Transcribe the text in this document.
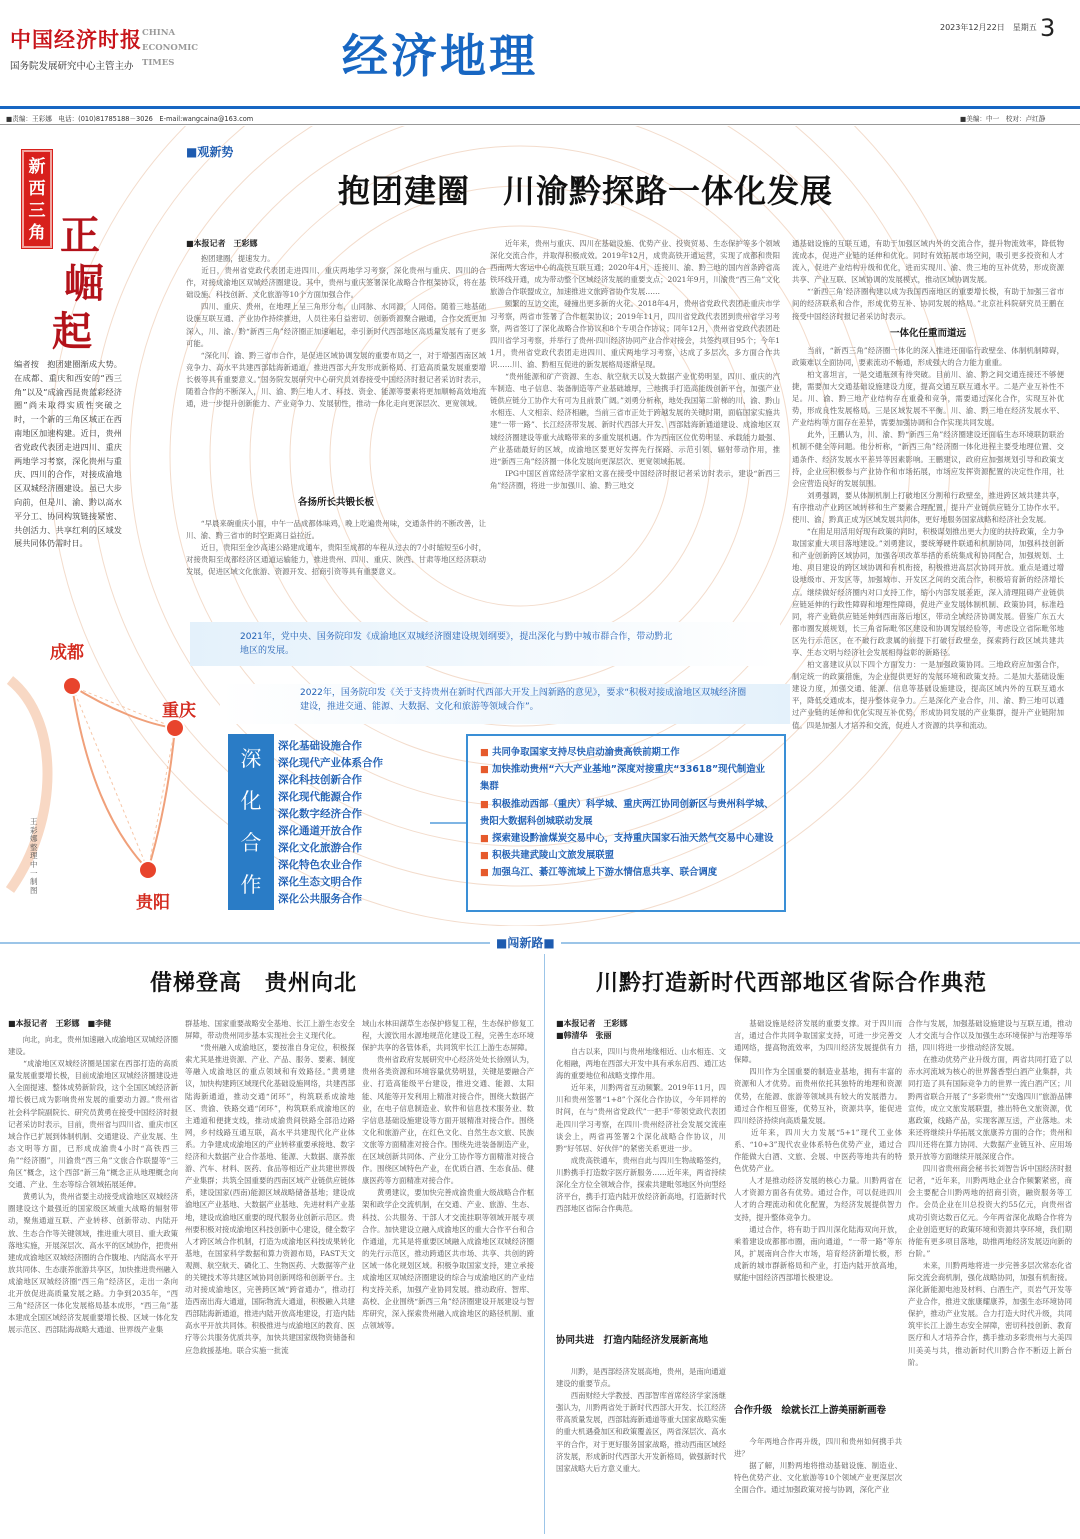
中国经济时报
国务院发展研究中心主管主办
CHINA
ECONOMIC
TIMES	经济地理
2023年12月22日　星期五 3
■责编：王彩娜　电话：(010)81785188－3026　E-mail:wangcaina@163.com	■美编：中一　校对：卢红静
新
西
三
角 正
崛
起
编者按　抱团建圈渐成大势。在成都、重庆和西安的“西三角”以及“成渝西昆贵蓝彩经济圈”尚未取得实质性突破之时，一个新的三角区域正在西南地区加速构建。近日，贵州省党政代表团走进四川、重庆两地学习考察，深化贵州与重庆、四川的合作，对接成渝地区双城经济圈建设。虽已大步向前，但是川、渝、黔以高水平分工、协同构筑链接紧密、共创活力、共享红利的区域发展共同体仍需时日。
■观新势
抱团建圈　川渝黔探路一体化发展
■本报记者　王彩娜
　　抱团建圈，提速发力。
　　近日，贵州省党政代表团走进四川、重庆两地学习考察，深化贵州与重庆、四川的合作，对接成渝地区双城经济圈建设。其中，贵州与重庆签署深化战略合作框架协议，将在基础设施、科技创新、文化旅游等10个方面加强合作。
　　四川、重庆、贵州，在地理上呈三角形分布，山同脉、水同源，人同俗。随着三地基础设施互联互通、产业协作持续推进，人员往来日益密切、创新资源聚合融通，合作交流更加深入，川、渝、黔“新西三角”经济圈正加速崛起，牵引新时代西部地区高质量发展有了更多可能。
　　“深化川、渝、黔三省市合作，是促进区域协调发展的重要布局之一，对于增强西南区域竞争力、高水平共建西部陆海新通道、推进西部大开发形成新格局、打造高质量发展重要增长极等具有重要意义。”国务院发展研究中心研究员刘春接受中国经济时报记者采访时表示，随着合作的不断深入，川、渝、黔三地人才、科技、资金、能源等要素将更加顺畅高效地流通，进一步提升创新能力、产业竞争力、发展韧性，推动一体化走向更深层次、更宽领域。
各扬所长共锻长板
　　“早晨来碗重庆小面，中午一品成都体味鸡，晚上吃遍贵州味，交通条件的不断改善，让川、渝、黔三省市的时空距离日益拉近。
　　近日，贵阳至金沙高速公路建成通车，贵阳至成都的车程从过去的7小时缩短至6小时，对接贵阳至成都经济区通道运输能力，推进贵州、四川、重庆、陕西、甘肃等地区经济联动发展，促进区域文化旅游、资源开发、招商引资等具有重要意义。
　　近年来，贵州与重庆、四川在基础设施、优势产业、投资贸易、生态保护等多个领域深化交流合作，并取得积极成效。2019年12月，成贵高铁开通运营，实现了成都和贵阳西南两大客运中心的高铁互联互通；2020年4月，连接川、渝、黔三地的国内首条跨省高铁环线开通，成为带动整个区域经济发展的重要支点；2021年9月，川渝贵“西三角”文化旅游合作联盟成立，加速推进文旅跨省协作发展……
　　频繁的互访交流，碰撞出更多新的火花。2018年4月，贵州省党政代表团赴重庆市学习考察，两省市签署了合作框架协议；2019年11月，四川省党政代表团到贵州省学习考察，两省签订了深化战略合作协议和8个专项合作协议；同年12月，贵州省党政代表团赴四川省学习考察，并举行了贵州·四川经济协同产业合作对接会，共签约项目95个；今年11月，贵州省党政代表团走进四川、重庆两地学习考察，达成了多层次、多方面合作共识……川、渝、黔相互促进的新发展格局逐渐呈现。
　　“贵州能源和矿产资源、生态、航空航天以及大数据产业优势明显，四川、重庆的汽车制造、电子信息、装备制造等产业基础雄厚，三地携手打造高能级创新平台，加强产业链供应链分工协作大有可为且前景广阔。”刘勇分析称，地处我国第二阶梯的川、渝、黔山水相连、人文相亲、经济相融，当前三省市正处于跨越发展的关键时期，面临国家实施共建“一带一路”、长江经济带发展、新时代西部大开发、西部陆海新通道建设、成渝地区双城经济圈建设等重大战略带来的多重发展机遇。作为西南区位优势明显、承载能力最强、产业基础最好的区域，成渝地区要更好发挥先行探路、示范引领、辐射带动作用，推进“新西三角”经济圈一体化发展向更深层次、更宽领域拓展。
　　IPG中国区首席经济学家柏文喜在接受中国经济时报记者采访时表示，建设“新西三角”经济圈，将进一步加强川、渝、黔三地交
通基础设施的互联互通，有助于加强区域内外的交流合作，提升物流效率，降低物流成本，促进产业链的延伸和优化。同时有效拓展市场空间，吸引更多投资和人才流入，促进产业结构升级和优化，进而实现川、渝、贵三地的互补优势，形成资源共享、产业互联、区域协调的发展模式，推动区域协调发展。
　　“‘新西三角’经济圈构建以成为我国西南地区的重要增长极，有助于加强三省市间的经济联系和合作，形成优势互补、协同发展的格局。”北京社科院研究员王鹏在接受中国经济时报记者采访时表示。

一体化任重而道远
　　当前，“新西三角”经济圈一体化的深入推进还面临行政壁垒、体制机制障碍，政策难以全面协同，要素流动不畅通，形成强大的合力能力重重。
　　柏文喜坦言，一是交通瓶颈有待突破。目前川、渝、黔之间交通连接还不够便捷，需要加大交通基础设施建设力度，提高交通互联互通水平。二是产业互补性不足。川、渝、黔三地产业结构存在重叠和竞争，需要通过深化合作，实现互补优势，形成良性发展格局。三是区域发展不平衡。川、渝、黔三地在经济发展水平、产业结构等方面存在差异，需要加强协调和合作实现共同发展。
　　此外，王鹏认为，川、渝、黔“新西三角”经济圈建设还面临生态环境联防联治机制不健全等问题。他分析称，“新西三角”经济圈一体化进程主要受地理位置、交通条件、经济发展水平差异等因素影响。王鹏建议，政府应加强规划引导和政策支持，企业应积极参与产业协作和市场拓展，市场应发挥资源配置的决定性作用，社会应营造良好的发展氛围。
　　刘勇强调，要从体制机制上打破地区分割和行政壁垒，推进跨区域共建共享，有序推动产业跨区域转移和生产要素合理配置，提升产业链供应链分工协作水平。使川、渝、黔真正成为区域发展共同体，更好地服务国家战略和经济社会发展。
　　“在用足用活用好现有政策的同时，积极谋划推出更大力度的扶持政策，全力争取国家重大项目落地建设。”刘勇建议，要统筹硬件联通和机制协同，加强科技创新和产业创新跨区域协同，加强各项改革举措的系统集成和协同配合，加强规划、土地、项目建设的跨区域协调和有机衔接，积极推进高层次协同开放。重点是通过增设地级市、开发区等，加强城市、开发区之间的交流合作，积极培育新的经济增长点。继续做好经济圈内对口支持工作，缩小内部发展差距，深入清理阻碍产业链供应链延伸的行政性障碍和地理性障碍，促进产业发展体制机制、政策协同，标准趋同，将产业链供应链延伸到西南落后地区，带动全域经济协调发展。借鉴广东五大都市圈发展规划，长三角省际毗邻区建设和协调发展经验等，考虑设立省际毗邻地区先行示范区，在不破行政隶属的前提下打破行政壁垒，探索跨行政区域共建共享、生态文明与经济社会发展相得益彰的新路径。
　　柏文喜建议从以下四个方面发力：一是加强政策协同。三地政府应加强合作，制定统一的政策措施，为企业提供更好的发展环境和政策支持。二是加大基础设施建设力度，加强交通、能源、信息等基础设施建设，提高区域内外的互联互通水平，降低交通成本，提升整体竞争力。三是深化产业合作，川、渝、黔三地可以通过产业链的延伸和优化实现互补优势，形成协同发展的产业集群，提升产业链附加值。四是加强人才培养和交流，促进人才资源的共享和流动。
成都
重庆
贵阳
王彩娜整理　中一制图
2021年，党中央、国务院印发《成渝地区双城经济圈建设规划纲要》，提出深化与黔中城市群合作，带动黔北地区的发展。
2022年，国务院印发《关于支持贵州在新时代西部大开发上闯新路的意见》，要求“积极对接成渝地区双城经济圈建设，推进交通、能源、大数据、文化和旅游等领域合作”。
深
化
合
作
深化基础设施合作
深化现代产业体系合作
深化科技创新合作
深化现代能源合作
深化数字经济合作
深化通道开放合作
深化文化旅游合作
深化特色农业合作
深化生态文明合作
深化公共服务合作
■ 共同争取国家支持尽快启动渝贵高铁前期工作
■ 加快推动贵州“六大产业基地”深度对接重庆“33618”现代制造业集群
■ 积极推动西部（重庆）科学城、重庆两江协同创新区与贵州科学城、贵阳大数据科创城联动发展
■ 探索建设黔渝煤炭交易中心，支持重庆国家石油天然气交易中心建设
■ 积极共建武陵山文旅发展联盟
■ 加强乌江、綦江等流域上下游水情信息共享、联合调度
■闯新路■
借梯登高　贵州向北
■本报记者　王彩娜　■李健
　　向北，向北，贵州加速融入成渝地区双城经济圈建设。
　　“成渝地区双城经济圈是国家在西部打造的高质量发展重要增长极，目前成渝地区双城经济圈建设进入全面提速、整体成势新阶段，这个全国区域经济新增长极已成为影响贵州发展的重要动力源。”贵州省社会科学院副院长、研究员黄勇在接受中国经济时报记者采访时表示，目前，贵州省与四川省、重庆市区域合作已扩展到体制机制、交通建设、产业发展、生态文明等方面，已形成成渝贵4小时“高铁西三角”“经济圈”，川渝贵“西三角”文旅合作联盟等“三角区”概念，这个西部“新三角”概念正从地理概念向交通、产业、生态等综合领域拓展延伸。
　　黄勇认为，贵州省要主动接受成渝地区双城经济圈建设这个最强近的国家级区域重大战略的辐射带动，聚焦通道互联、产业转移、创新带动、内陆开放、生态合作等关键领域，推进重大项目、重大政策落地实施，开展深层次、高水平的区域协作，把贵州建成成渝地区双城经济圈的合作腹地、内陆高水平开放共同体、生态康养旅游共享区，加快推进贵州融入成渝地区双城经济圈“西三角”经济区，走出一条向北开放促进高质量发展之路。力争到2035年，“西三角”经济区一体化发展格局基本成形，“西三角”基本建成全国区域经济发展重要增长极、区域一体化发展示范区、西部陆海战略大通道、世界级产业集
群基地、国家重要战略安全基地、长江上游生态安全屏障，带动贵州同步基本实现社会主义现代化。
　　“贵州融入成渝地区，要按准自身定位，积极探索尤其是推进资源、产业、产品、服务、要素、制度等融入成渝地区的重点领域和有效路径。”黄勇建议，加快构建跨区域现代化基础设施网络，共建西部陆海新通道，推动交通“闭环”，构筑联系成渝地区、贵渝、铁路交通“闭环”，构筑联系成渝地区的主通道和便捷支线，推动成渝贵间铁路全部沿边路网，乡村线路互通互联，高水平共建现代化产业体系。力争建成成渝地区的产业转移重要承接地、数字经济和大数据产业合作基地、能源、大数据、康养旅游、汽车、材料、医药、食品等相近产业共建世界级产业集群；共筑全国重要的西南区域产业链供应链体系，建设国家(西南)能源区域战略储备基地；建设成渝地区产业基地、大数据产业基地、先进材料产业基地，建设成渝地区重要的现代服务业创新示范区。贵州要积极对接成渝地区科技创新中心建设，健全数字人才跨区域合作机制，打造为成渝地区科技成果转化基地，在国家科学数据和算力资源布局，FAST天文观测、航空航天、磷化工、生物医药、大数据等产业的关键技术等共建区域协同创新网络和创新平台。主动对接成渝地区，完善跨区域“跨省通办”，推动打造西南出海大通道，国际物流大通道，积极融入共建西部陆海新通道，推进内陆开放高地建设，打造内陆高水平开放共同体。积极推进与成渝地区的教育、医疗等公共服务优质共享，加快共建国家级物资储备和应急救援基地。联合实施一批流
域山水林田湖草生态保护修复工程，生态保护修复工程，大渡饮用水源地规范化建设工程，完善生态环境保护共享的各管体系，共同筑牢长江上游生态屏障。
　　贵州省政府发展研究中心经济处处长徐刚认为，贵州各类资源和环境容量优势明显，关键是要融合产业、打造高能级平台建设，推进交通、能源、太阳能、风能等开发利用上精准对接合作，围绕大数据产业，在电子信息制造业、软件和信息技术服务业、数字信息基础设施建设等方面开展精准对接合作。围绕文化和旅游产业，在红色文化、自然生态文旅、民族文旅等方面精准对接合作。围绕先进装备制造产业，在区域创新共同体、产业分工协作等方面精准对接合作。围绕区域特色产业，在优质白酒、生态食品、健康医药等方面精准对接合作。
　　黄勇建议，要加快完善成渝贵重大级战略合作框架和政学企交流机制，在交通、产业、旅游、生态、科技、公共服务、干部人才交流挂职等领域开展专项合作。加快建设立融入成渝地区的重大合作平台和合作通道，尤其是将重要区域融入成渝地区双城经济圈的先行示范区，推动跨通区共市场、共享、共创的跨区域一体化规划区域。积极争取国家支持，建立承接成渝地区双城经济圈建设的综合与成渝地区的产业结构支持关系，加强产业协同发展。推动政府、智库、高校、企业围绕“新西三角”经济圈建设开展建设与智库研究，深入探索贵州融入成渝地区的路径机制、重点领域等。
川黔打造新时代西部地区省际合作典范
■本报记者　王彩娜
■韩清华　张丽
　　自古以来，四川与贵州地缘相近、山水相连、文化相融，两地在西部大开发中具有承东启西、通江达海的重要地位和战略支撑作用。
　　近年来，川黔两省互动频繁。2019年11月，四川和贵州签署“1+8”个深化合作协议，今年同样的时间，在与“贵州省党政代”一把手“带领党政代表团赴四川学习考察，在四川·贵州经济社会发展交流座谈会上，两省再签署2个深化战略合作协议，川黔“好邻居、好伙伴”的紧密关系更进一步。
　　成贵高铁通车，贵州自此与四川生物战略签约，川黔携手打造数字医疗新服务……近年来，两省持续深化全方位全领域合作，探索共建毗邻地区外向型经济平台，携手打造内陆开放经济新高地，打造新时代西部地区省际合作典范。
协同共进　打造内陆经济发展新高地
　　川黔，是西部经济发展高地，贵州，是南向通道建设的重要节点。
　　西南财经大学教授、西部智库首席经济学家汤继强认为，川黔两省处于新时代西部大开发、长江经济带高质量发展，西部陆海新通道等重大国家战略实施的重大机遇叠加区和政策覆盖区，两省深层次、高水平的合作，对于更好服务国家战略，推动西南区域经济发展，形成新时代西部大开发新格局，做强新时代国家战略大后方意义重大。
　　基础设施是经济发展的重要支撑。对于四川而言，通过合作共同争取国家支持，可进一步完善交通网络，提高物流效率，为四川经济发展提供有力保障。
　　四川作为全国重要的制造业基地，拥有丰富的资源和人才优势。而贵州依托其独特的地理和资源优势，在能源、旅游等领域具有较大的发展潜力。通过合作相互借鉴，优势互补，资源共享，能促进四川经济持续向高质量发展。
　　近年来，四川大力发展“5+1”现代工业体系、“10+3”现代农业体系特色优势产业，通过合作能做大白酒、文旅、会展、中医药等地共有的特色优势产业。
　　人才是推动经济发展的核心力量。川黔两省在人才资源方面各有优势。通过合作，可以促进四川人才的合理流动和优化配置，为经济发展提供智力支持，提升整体竞争力。
　　通过合作，将有助于四川深化陆海双向开放，乘着建设成都都市圈，南向通道，“一带一路”等东风，扩展南向合作大市场，培育经济新增长极，形成新的城市群新格局和产业，打造内陆开放高地，赋能中国经济西部增长极建设。
合作升级　绘就长江上游美丽新画卷
　　今年两地合作再升级，四川和贵州如何携手共进？
　　据了解，川黔两地将推动基础设施、制造业、特色优势产业、文化旅游等10个领域产业更深层次全面合作。通过加强政策对接与协调，深化产业
合作与发展，加强基础设施建设与互联互通，推动人才交流与合作以及加强生态环境保护与治理等举措，四川将进一步推动经济发展。
　　在推动优势产业升级方面，两省共同打造了以赤水河流域为核心的世界酱香型白酒产业集群，共同打造了具有国际竞争力的世界一流白酒产区；川黔两省联合开展了“多彩贵州”“安逸四川”旅游品牌宣传，成立文旅发展联盟，推出特色文旅资源，优惠政策，线路产品，实现客源互送，产业落地。未来还将继续升华拓展文旅康养方面的合作；贵州和四川还将在算力协同、大数据产业链互补、应用场景开放等方面继续开展深度合作。
　　四川省贵州商会秘书长刘智告诉中国经济时报记者，“近年来，川黔两地企业合作频繁紧密，商会主要配合川黔两地的招商引资，融资服务等工作。会员企业在川总投资大约55亿元，向贵州省成功引资达数百亿元。今年两省深化战略合作将为企业创造更好的政策环境和资源共享环境，我们期待能有更多项目落地，助推两地经济发展迈向新的台阶。”
　　未来，川黔两地将进一步完善多层次常态化省际交流会商机制，强化战略协同，加强有机衔接。深化新能源电池及材料、白酒生产，页岩气开发等产业合作，推进文旅康耀康养，加强生态环境协同保护，推动产业发展。合力打造大时代升级，共同筑牢长江上游生态安全屏障，密切科技创新、教育医疗和人才培养合作，携手推动多彩贵州与大美四川美美与共，推动新时代川黔合作不断迈上新台阶。
